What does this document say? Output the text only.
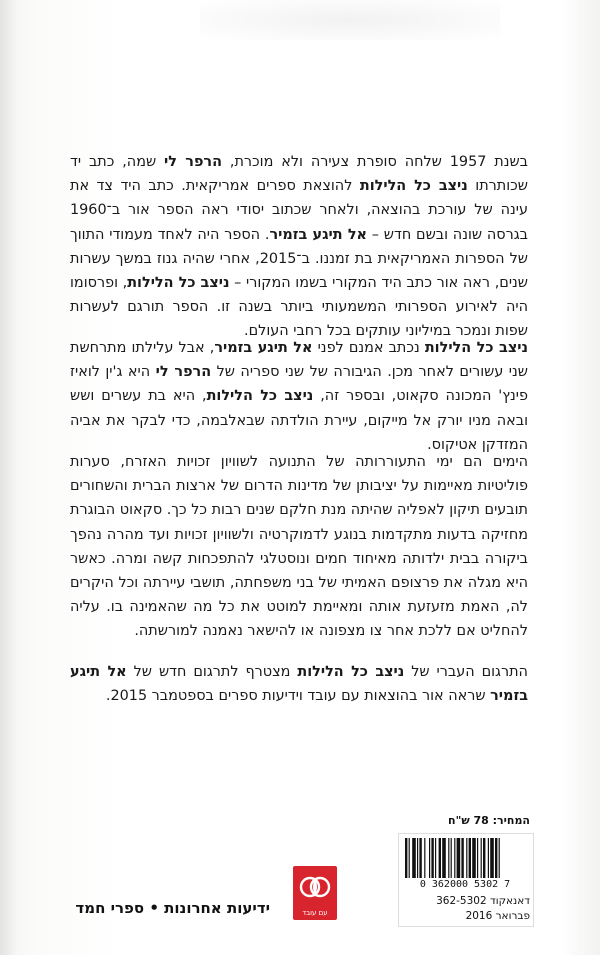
בשנת 1957 שלחה סופרת צעירה ולא מוכרת, הרפר לי שמה, כתב יד שכותרתו ניצב כל הלילות להוצאת ספרים אמריקאית. כתב היד צד את עינה של עורכת בהוצאה, ולאחר שכתוב יסודי ראה הספר אור ב־1960 בגרסה שונה ובשם חדש – אל תיגע בזמיר. הספר היה לאחד מעמודי התווך של הספרות האמריקאית בת זמננו. ב־2015, אחרי שהיה גנוז במשך עשרות שנים, ראה אור כתב היד המקורי בשמו המקורי – ניצב כל הלילות, ופרסומו היה לאירוע הספרותי המשמעותי ביותר בשנה זו. הספר תורגם לעשרות שפות ונמכר במיליוני עותקים בכל רחבי העולם.
ניצב כל הלילות נכתב אמנם לפני אל תיגע בזמיר, אבל עלילתו מתרחשת שני עשורים לאחר מכן. הגיבורה של שני ספריה של הרפר לי היא ג'ין לואיז פינץ' המכונה סקאוט, ובספר זה, ניצב כל הלילות, היא בת עשרים ושש ובאה מניו יורק אל מייקום, עיירת הולדתה שבאלבמה, כדי לבקר את אביה המזדקן אטיקוס.
הימים הם ימי התעוררותה של התנועה לשוויון זכויות האזרח, סערות פוליטיות מאיימות על יציבותן של מדינות הדרום של ארצות הברית והשחורים תובעים תיקון לאפליה שהיתה מנת חלקם שנים רבות כל כך. סקאוט הבוגרת מחזיקה בדעות מתקדמות בנוגע לדמוקרטיה ולשוויון זכויות ועד מהרה נהפך ביקורה בבית ילדותה מאיחוד חמים ונוסטלגי להתפכחות קשה ומרה. כאשר היא מגלה את פרצופם האמיתי של בני משפחתה, תושבי עיירתה וכל היקרים לה, האמת מזעזעת אותה ומאיימת למוטט את כל מה שהאמינה בו. עליה להחליט אם ללכת אחר צו מצפונה או להישאר נאמנה למורשתה.
התרגום העברי של ניצב כל הלילות מצטרף לתרגום חדש של אל תיגע בזמיר שראה אור בהוצאות עם עובד וידיעות ספרים בספטמבר 2015.
המחיר: 78 ש"ח
0 362000 5302 7
דאנאקוד 362-5302
פברואר 2016
עם עובד
ידיעות אחרונות • ספרי חמד
